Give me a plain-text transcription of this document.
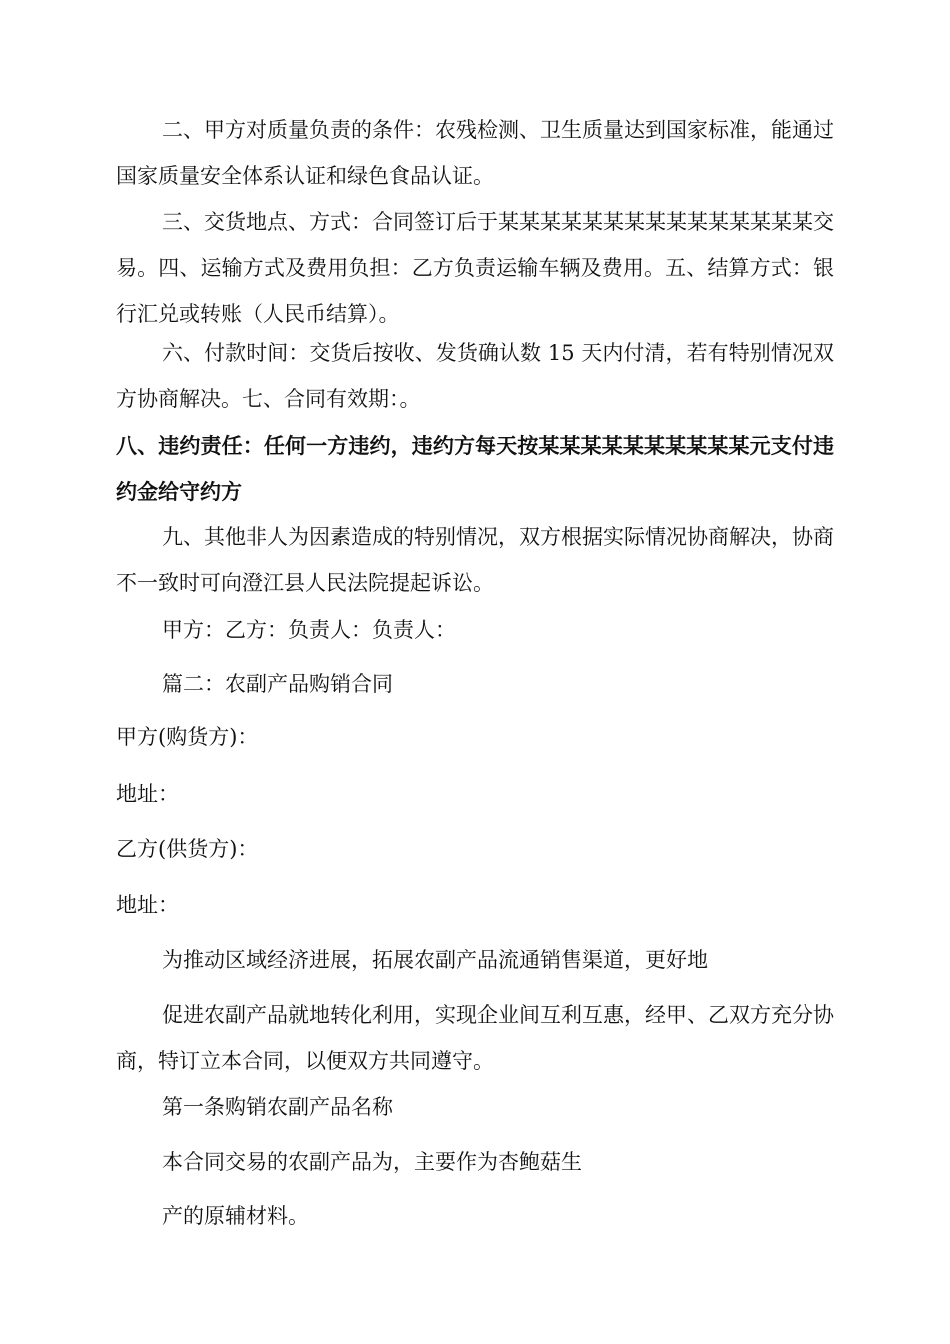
二、甲方对质量负责的条件：农残检测、卫生质量达到国家标准，能通过国家质量安全体系认证和绿色食品认证。

三、交货地点、方式：合同签订后于某某某某某某某某某某某某某某某交易。四、运输方式及费用负担：乙方负责运输车辆及费用。五、结算方式：银行汇兑或转账（人民币结算）。

六、付款时间：交货后按收、发货确认数 15 天内付清，若有特别情况双方协商解决。七、合同有效期：。

八、违约责任：任何一方违约，违约方每天按某某某某某某某某某某元支付违约金给守约方

九、其他非人为因素造成的特别情况，双方根据实际情况协商解决，协商不一致时可向澄江县人民法院提起诉讼。

甲方：乙方：负责人：负责人：

篇二：农副产品购销合同

甲方(购货方)：

地址：

乙方(供货方)：

地址：

为推动区域经济进展，拓展农副产品流通销售渠道，更好地

促进农副产品就地转化利用，实现企业间互利互惠，经甲、乙双方充分协商，特订立本合同，以便双方共同遵守。

第一条购销农副产品名称

本合同交易的农副产品为，主要作为杏鲍菇生

产的原辅材料。
